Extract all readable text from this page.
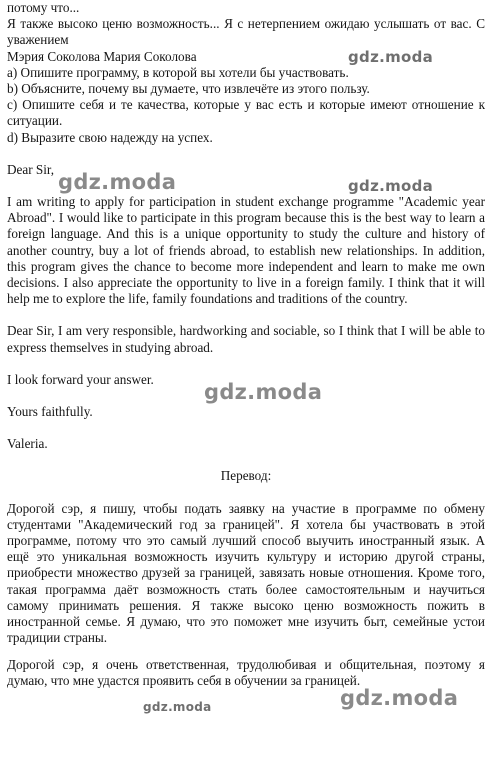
потому что...

Я также высоко ценю возможность... Я с нетерпением ожидаю услышать от вас. С уважением

Мэрия Соколова Мария Соколова

a) Опишите программу, в которой вы хотели бы участвовать.

b) Объясните, почему вы думаете, что извлечёте из этого пользу.

c) Опишите себя и те качества, которые у вас есть и которые имеют отношение к ситуации.

d) Выразите свою надежду на успех.

Dear Sir,

I am writing to apply for participation in student exchange programme "Academic year Abroad". I would like to participate in this program because this is the best way to learn a foreign language. And this is a unique opportunity to study the culture and history of another country, buy a lot of friends abroad, to establish new relationships. In addition, this program gives the chance to become more independent and learn to make me own decisions. I also appreciate the opportunity to live in a foreign family. I think that it will help me to explore the life, family foundations and traditions of the country.

Dear Sir, I am very responsible, hardworking and sociable, so I think that I will be able to express themselves in studying abroad.

I look forward your answer.

Yours faithfully.

Valeria.

Перевод:

Дорогой сэр, я пишу, чтобы подать заявку на участие в программе по обмену студентами "Академический год за границей". Я хотела бы участвовать в этой программе, потому что это самый лучший способ выучить иностранный язык. А ещё это уникальная возможность изучить культуру и историю другой страны, приобрести множество друзей за границей, завязать новые отношения. Кроме того, такая программа даёт возможность стать более самостоятельным и научиться самому принимать решения. Я также высоко ценю возможность пожить в иностранной семье. Я думаю, что это поможет мне изучить быт, семейные устои традиции страны.

Дорогой сэр, я очень ответственная, трудолюбивая и общительная, поэтому я думаю, что мне удастся проявить себя в обучении за границей.

gdz.moda
gdz.moda	gdz.moda
gdz.moda
gdz.moda
gdz.moda
